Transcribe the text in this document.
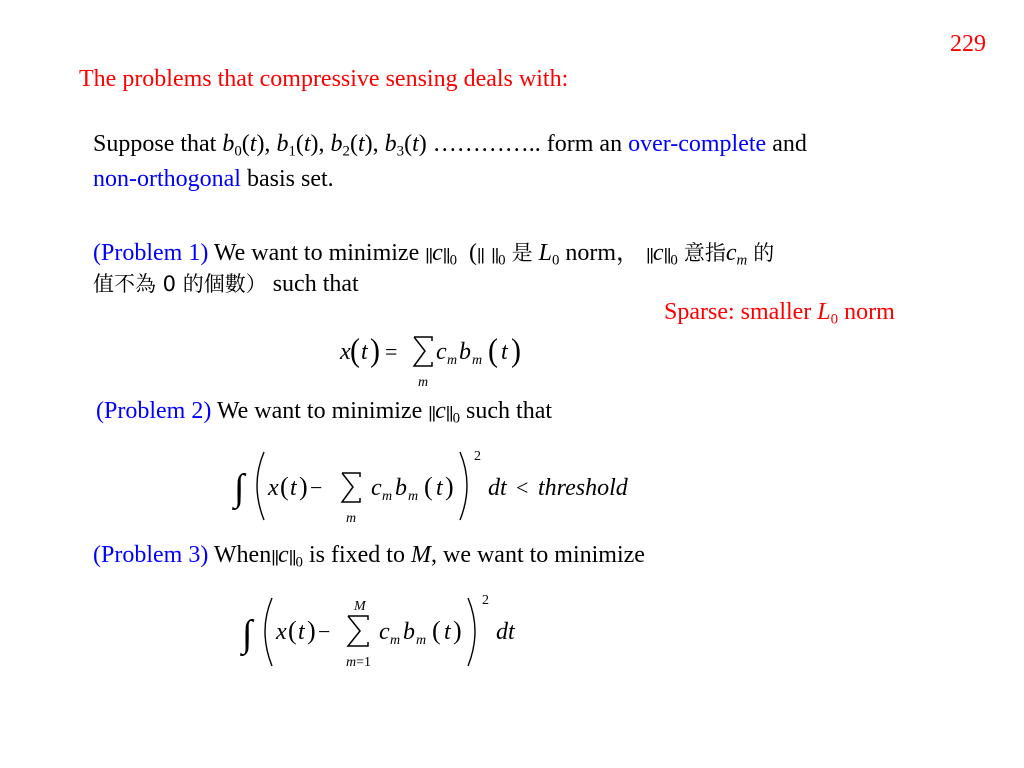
229
The problems that compressive sensing deals with:
Suppose that $b_0(t)$, $b_1(t)$, $b_2(t)$, $b_3(t)$ ………….. form an over-complete and
non-orthogonal basis set.
(Problem 1) We want to minimize $||c||_0$  (||  $||_0$ 是 $L_0$ norm， $||c||_0$ 意指$c_m$ 的
值不為 0 的個數） such that
Sparse: smaller $L_0$ norm
x ( t ) =
m
c m b m ( t )
(Problem 2) We want to minimize $||c||_0$ such that
∫ x ( t ) −
m
c m b m ( t )
2
dt < threshold
(Problem 3) $When||c||_0$ is fixed to M, we want to minimize
∫ x ( t ) −
M
m=1
c m b m ( t )
2
dt
